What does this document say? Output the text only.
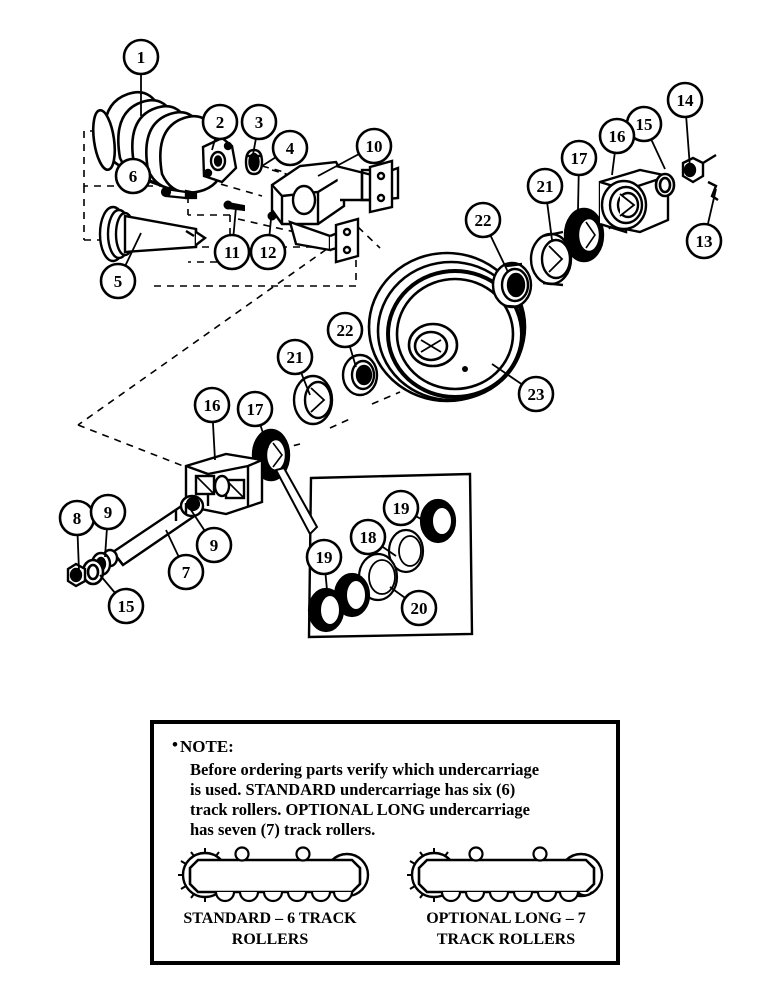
1
2 3
4
5
6
7
8 9
9
10
11 12
13
14
15
15
16
16
17
17
18
19
19
20
21
21
22
22
23
• NOTE:
Before ordering parts verify which undercarriage
is used. STANDARD undercarriage has six (6)
track rollers. OPTIONAL LONG undercarriage
has seven (7) track rollers.
STANDARD – 6 TRACK
ROLLERS
OPTIONAL LONG – 7
TRACK ROLLERS
